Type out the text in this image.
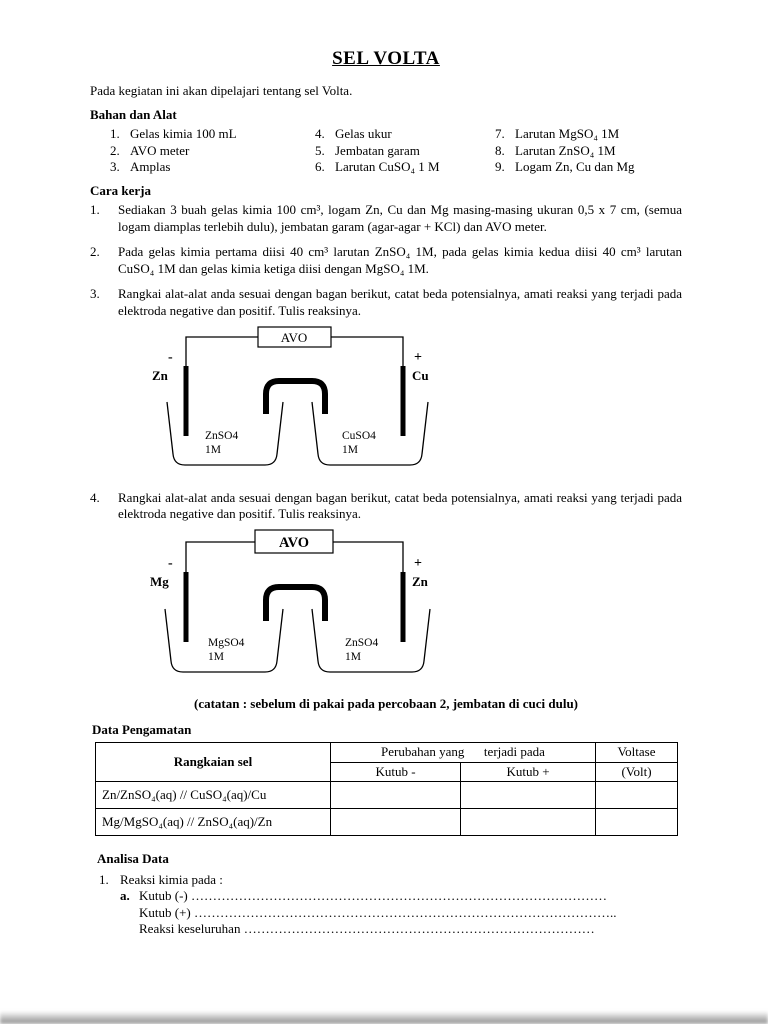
SEL VOLTA
Pada kegiatan ini akan dipelajari tentang sel Volta.
Bahan dan Alat
1. Gelas kimia 100 mL
2. AVO meter
3. Amplas
4. Gelas ukur
5. Jembatan garam
6. Larutan CuSO₄ 1 M
7. Larutan MgSO₄ 1M
8. Larutan ZnSO₄ 1M
9. Logam Zn, Cu dan Mg
Cara kerja
1.	Sediakan 3 buah gelas kimia 100 cm³, logam Zn, Cu dan Mg masing-masing ukuran 0,5 x 7 cm, (semua logam diamplas terlebih dulu), jembatan garam (agar-agar + KCl) dan AVO meter.
2.	Pada gelas kimia pertama diisi 40 cm³ larutan ZnSO₄ 1M, pada gelas kimia kedua diisi 40 cm³ larutan CuSO₄ 1M dan gelas kimia ketiga diisi dengan MgSO₄ 1M.
3.	Rangkai alat-alat anda sesuai dengan bagan berikut, catat beda potensialnya, amati reaksi yang terjadi pada elektroda negative dan positif. Tulis reaksinya.
AVO
-
Zn
+
Cu
ZnSO4
1M
CuSO4
1M
4.	Rangkai alat-alat anda sesuai dengan bagan berikut, catat beda potensialnya, amati reaksi yang terjadi pada elektroda negative dan positif. Tulis reaksinya.
AVO
-
Mg
+
Zn
MgSO4
1M
ZnSO4
1M
(catatan : sebelum di pakai pada percobaan 2, jembatan di cuci dulu)
Data Pengamatan
Rangkaian sel	Perubahan yang      terjadi pada		Voltase
	Kutub -	Kutub +	(Volt)
Zn/ZnSO₄(aq) // CuSO₄(aq)/Cu			
Mg/MgSO₄(aq) // ZnSO₄(aq)/Zn			
Analisa Data
1. Reaksi kimia pada :
a. Kutub (-) ……………………………………………………………………………………
Kutub (+) ……………………………………………………………………………………..
Reaksi keseluruhan ………………………………………………………………………
